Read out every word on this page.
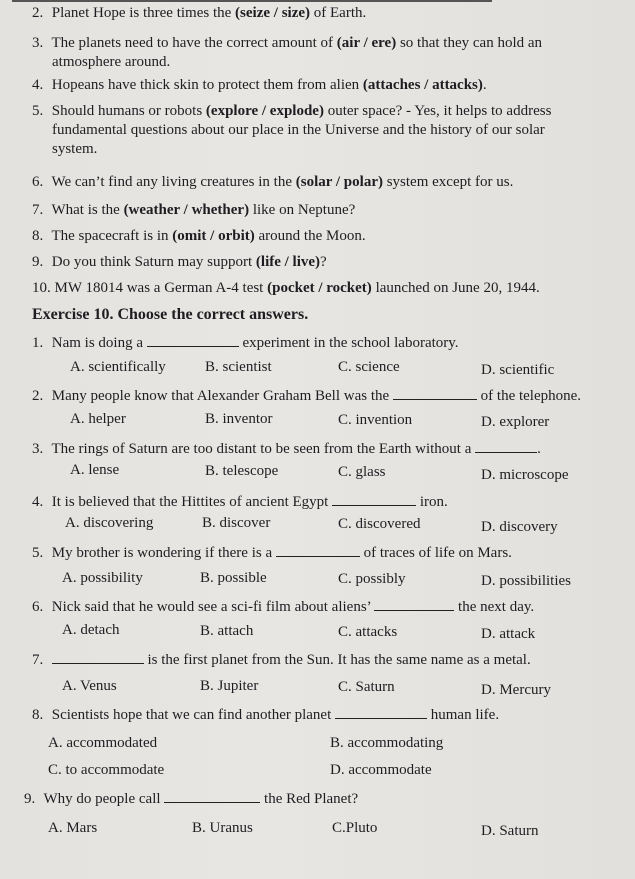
2. Planet Hope is three times the (seize / size) of Earth.
3. The planets need to have the correct amount of (air / ere) so that they can hold an
atmosphere around.
4. Hopeans have thick skin to protect them from alien (attaches / attacks).
5. Should humans or robots (explore / explode) outer space? - Yes, it helps to address
fundamental questions about our place in the Universe and the history of our solar
system.
6. We can’t find any living creatures in the (solar / polar) system except for us.
7. What is the (weather / whether) like on Neptune?
8. The spacecraft is in (omit / orbit) around the Moon.
9. Do you think Saturn may support (life / live)?
10. MW 18014 was a German A-4 test (pocket / rocket) launched on June 20, 1944.
Exercise 10. Choose the correct answers.
1. Nam is doing a	experiment in the school laboratory.
A. scientifically	B. scientist	C. science	D. scientific
2. Many people know that Alexander Graham Bell was the	of the telephone.
A. helper	B. inventor	C. invention	D. explorer
3. The rings of Saturn are too distant to be seen from the Earth without a	.
A. lense	B. telescope	C. glass	D. microscope
4. It is believed that the Hittites of ancient Egypt	iron.
A. discovering	B. discover	C. discovered	D. discovery
5. My brother is wondering if there is a	of traces of life on Mars.
A. possibility	B. possible	C. possibly	D. possibilities
6. Nick said that he would see a sci-fi film about aliens’	the next day.
A. detach	B. attach	C. attacks	D. attack
7.	is the first planet from the Sun. It has the same name as a metal.
A. Venus	B. Jupiter	C. Saturn	D. Mercury
8. Scientists hope that we can find another planet	human life.
A. accommodated	B. accommodating
C. to accommodate	D. accommodate
9. Why do people call	the Red Planet?
A. Mars	B. Uranus	C.Pluto	D. Saturn
